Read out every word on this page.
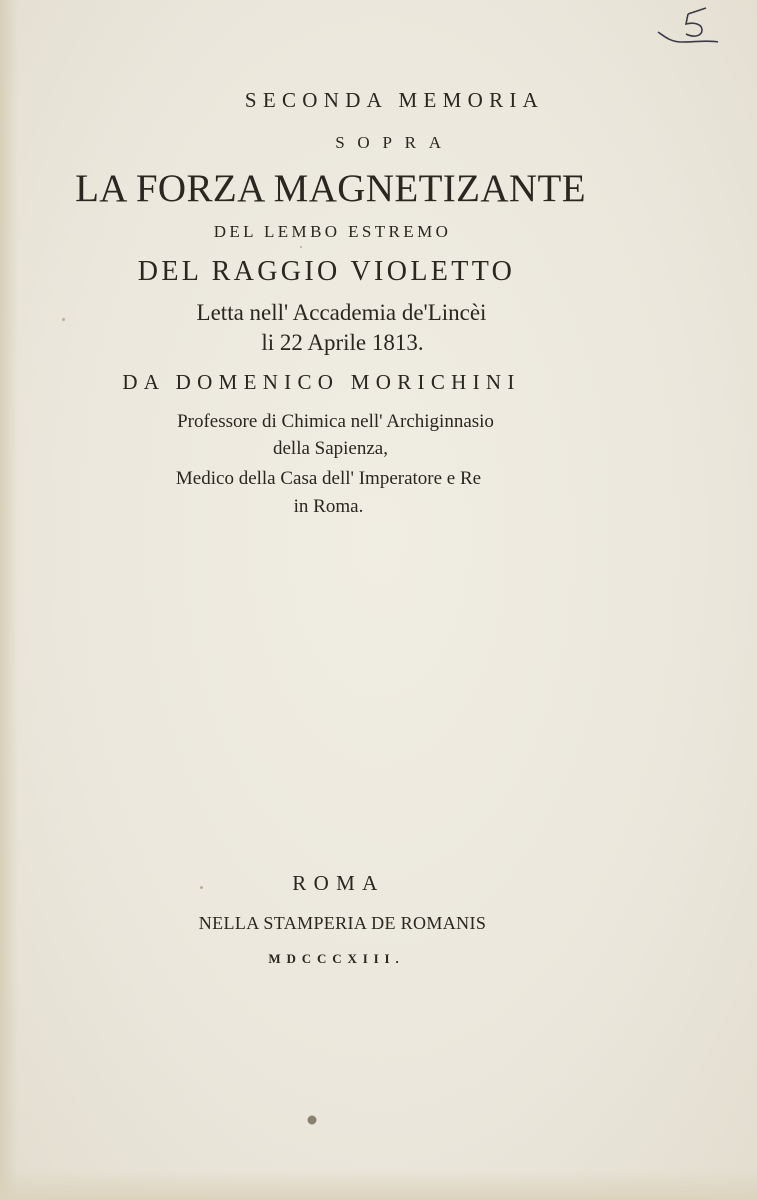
SECONDA MEMORIA
SOPRA
LA FORZA MAGNETIZANTE
DEL LEMBO ESTREMO
DEL RAGGIO VIOLETTO
Letta nell' Accademia de'Lincèi
li 22 Aprile 1813.
DA DOMENICO MORICHINI
Professore di Chimica nell' Archiginnasio
della Sapienza,
Medico della Casa dell' Imperatore e Re
in Roma.
ROMA
NELLA STAMPERIA DE ROMANIS
MDCCCXIII.
